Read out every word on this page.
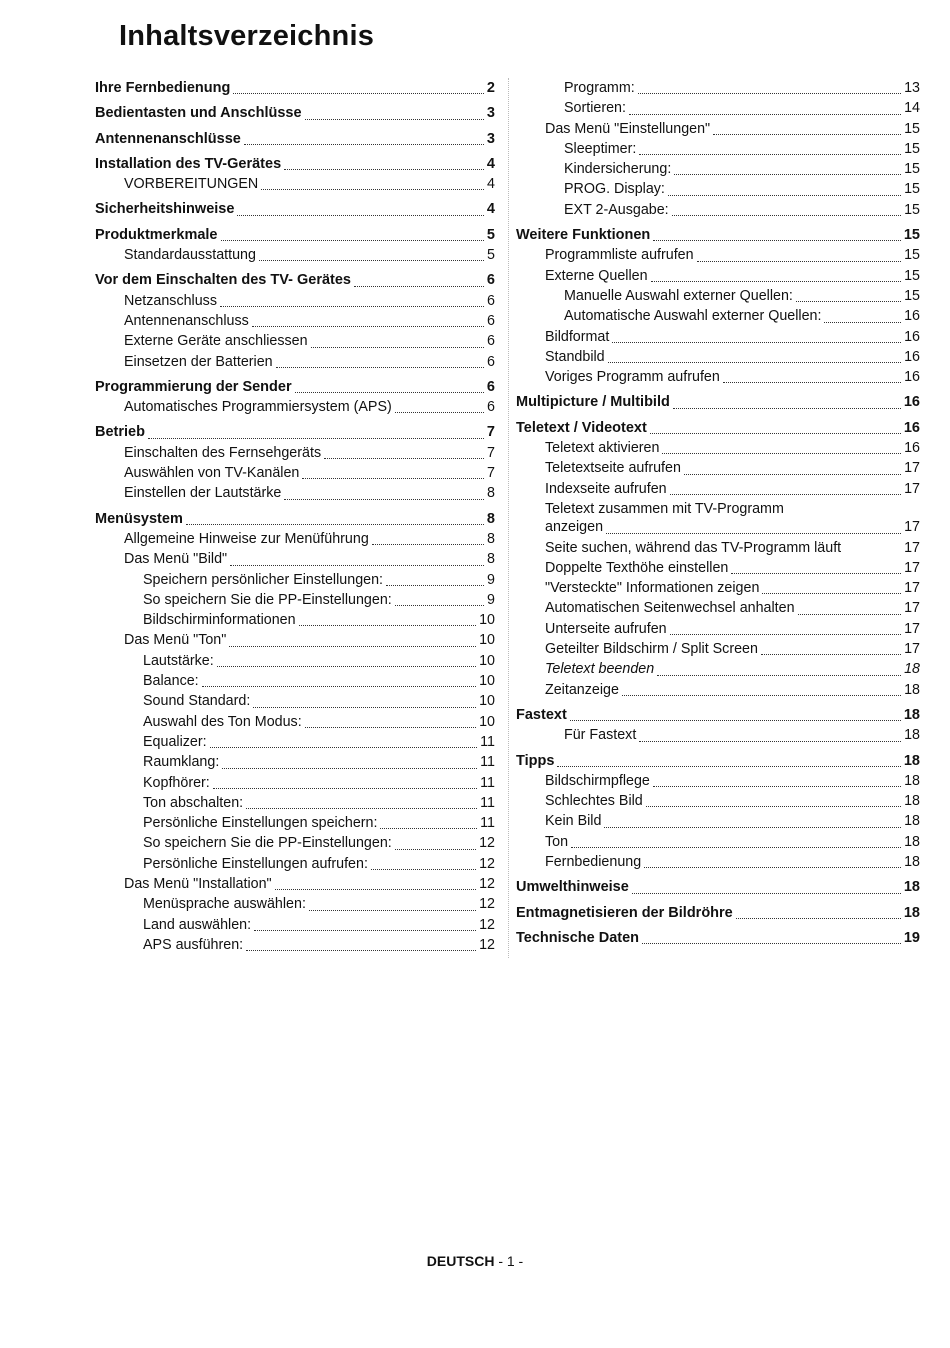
Inhaltsverzeichnis
Ihre Fernbedienung	2
Bedientasten und Anschlüsse	3
Antennenanschlüsse	3
Installation des TV-Gerätes	4
VORBEREITUNGEN	4
Sicherheitshinweise	4
Produktmerkmale	5
Standardausstattung	5
Vor dem Einschalten des TV- Gerätes	6
Netzanschluss	6
Antennenanschluss	6
Externe Geräte anschliessen	6
Einsetzen der Batterien	6
Programmierung der Sender	6
Automatisches Programmiersystem (APS)	6
Betrieb	7
Einschalten des Fernsehgeräts	7
Auswählen von TV-Kanälen	7
Einstellen der Lautstärke	8
Menüsystem	8
Allgemeine Hinweise zur Menüführung	8
Das Menü "Bild"	8
Speichern persönlicher Einstellungen:	9
So speichern Sie die PP-Einstellungen:	9
Bildschirminformationen	10
Das Menü "Ton"	10
Lautstärke:	10
Balance:	10
Sound Standard:	10
Auswahl des Ton Modus:	10
Equalizer:	11
Raumklang:	11
Kopfhörer:	11
Ton abschalten:	11
Persönliche Einstellungen speichern:	11
So speichern Sie die PP-Einstellungen:	12
Persönliche Einstellungen aufrufen:	12
Das Menü "Installation"	12
Menüsprache auswählen:	12
Land auswählen:	12
APS ausführen:	12
Programm:	13
Sortieren:	14
Das Menü "Einstellungen"	15
Sleeptimer:	15
Kindersicherung:	15
PROG. Display:	15
EXT 2-Ausgabe:	15
Weitere Funktionen	15
Programmliste aufrufen	15
Externe Quellen	15
Manuelle Auswahl externer Quellen:	15
Automatische Auswahl externer Quellen:	16
Bildformat	16
Standbild	16
Voriges Programm aufrufen	16
Multipicture / Multibild	16
Teletext / Videotext	16
Teletext aktivieren	16
Teletextseite aufrufen	17
Indexseite aufrufen	17
Teletext zusammen mit TV-Programm
anzeigen	17
Seite suchen, während das TV-Programm läuft	17
Doppelte Texthöhe einstellen	17
"Versteckte" Informationen zeigen	17
Automatischen Seitenwechsel anhalten	17
Unterseite aufrufen	17
Geteilter Bildschirm / Split Screen	17
Teletext beenden	18
Zeitanzeige	18
Fastext	18
Für Fastext	18
Tipps	18
Bildschirmpflege	18
Schlechtes Bild	18
Kein Bild	18
Ton	18
Fernbedienung	18
Umwelthinweise	18
Entmagnetisieren der Bildröhre	18
Technische Daten	19
DEUTSCH - 1 -
